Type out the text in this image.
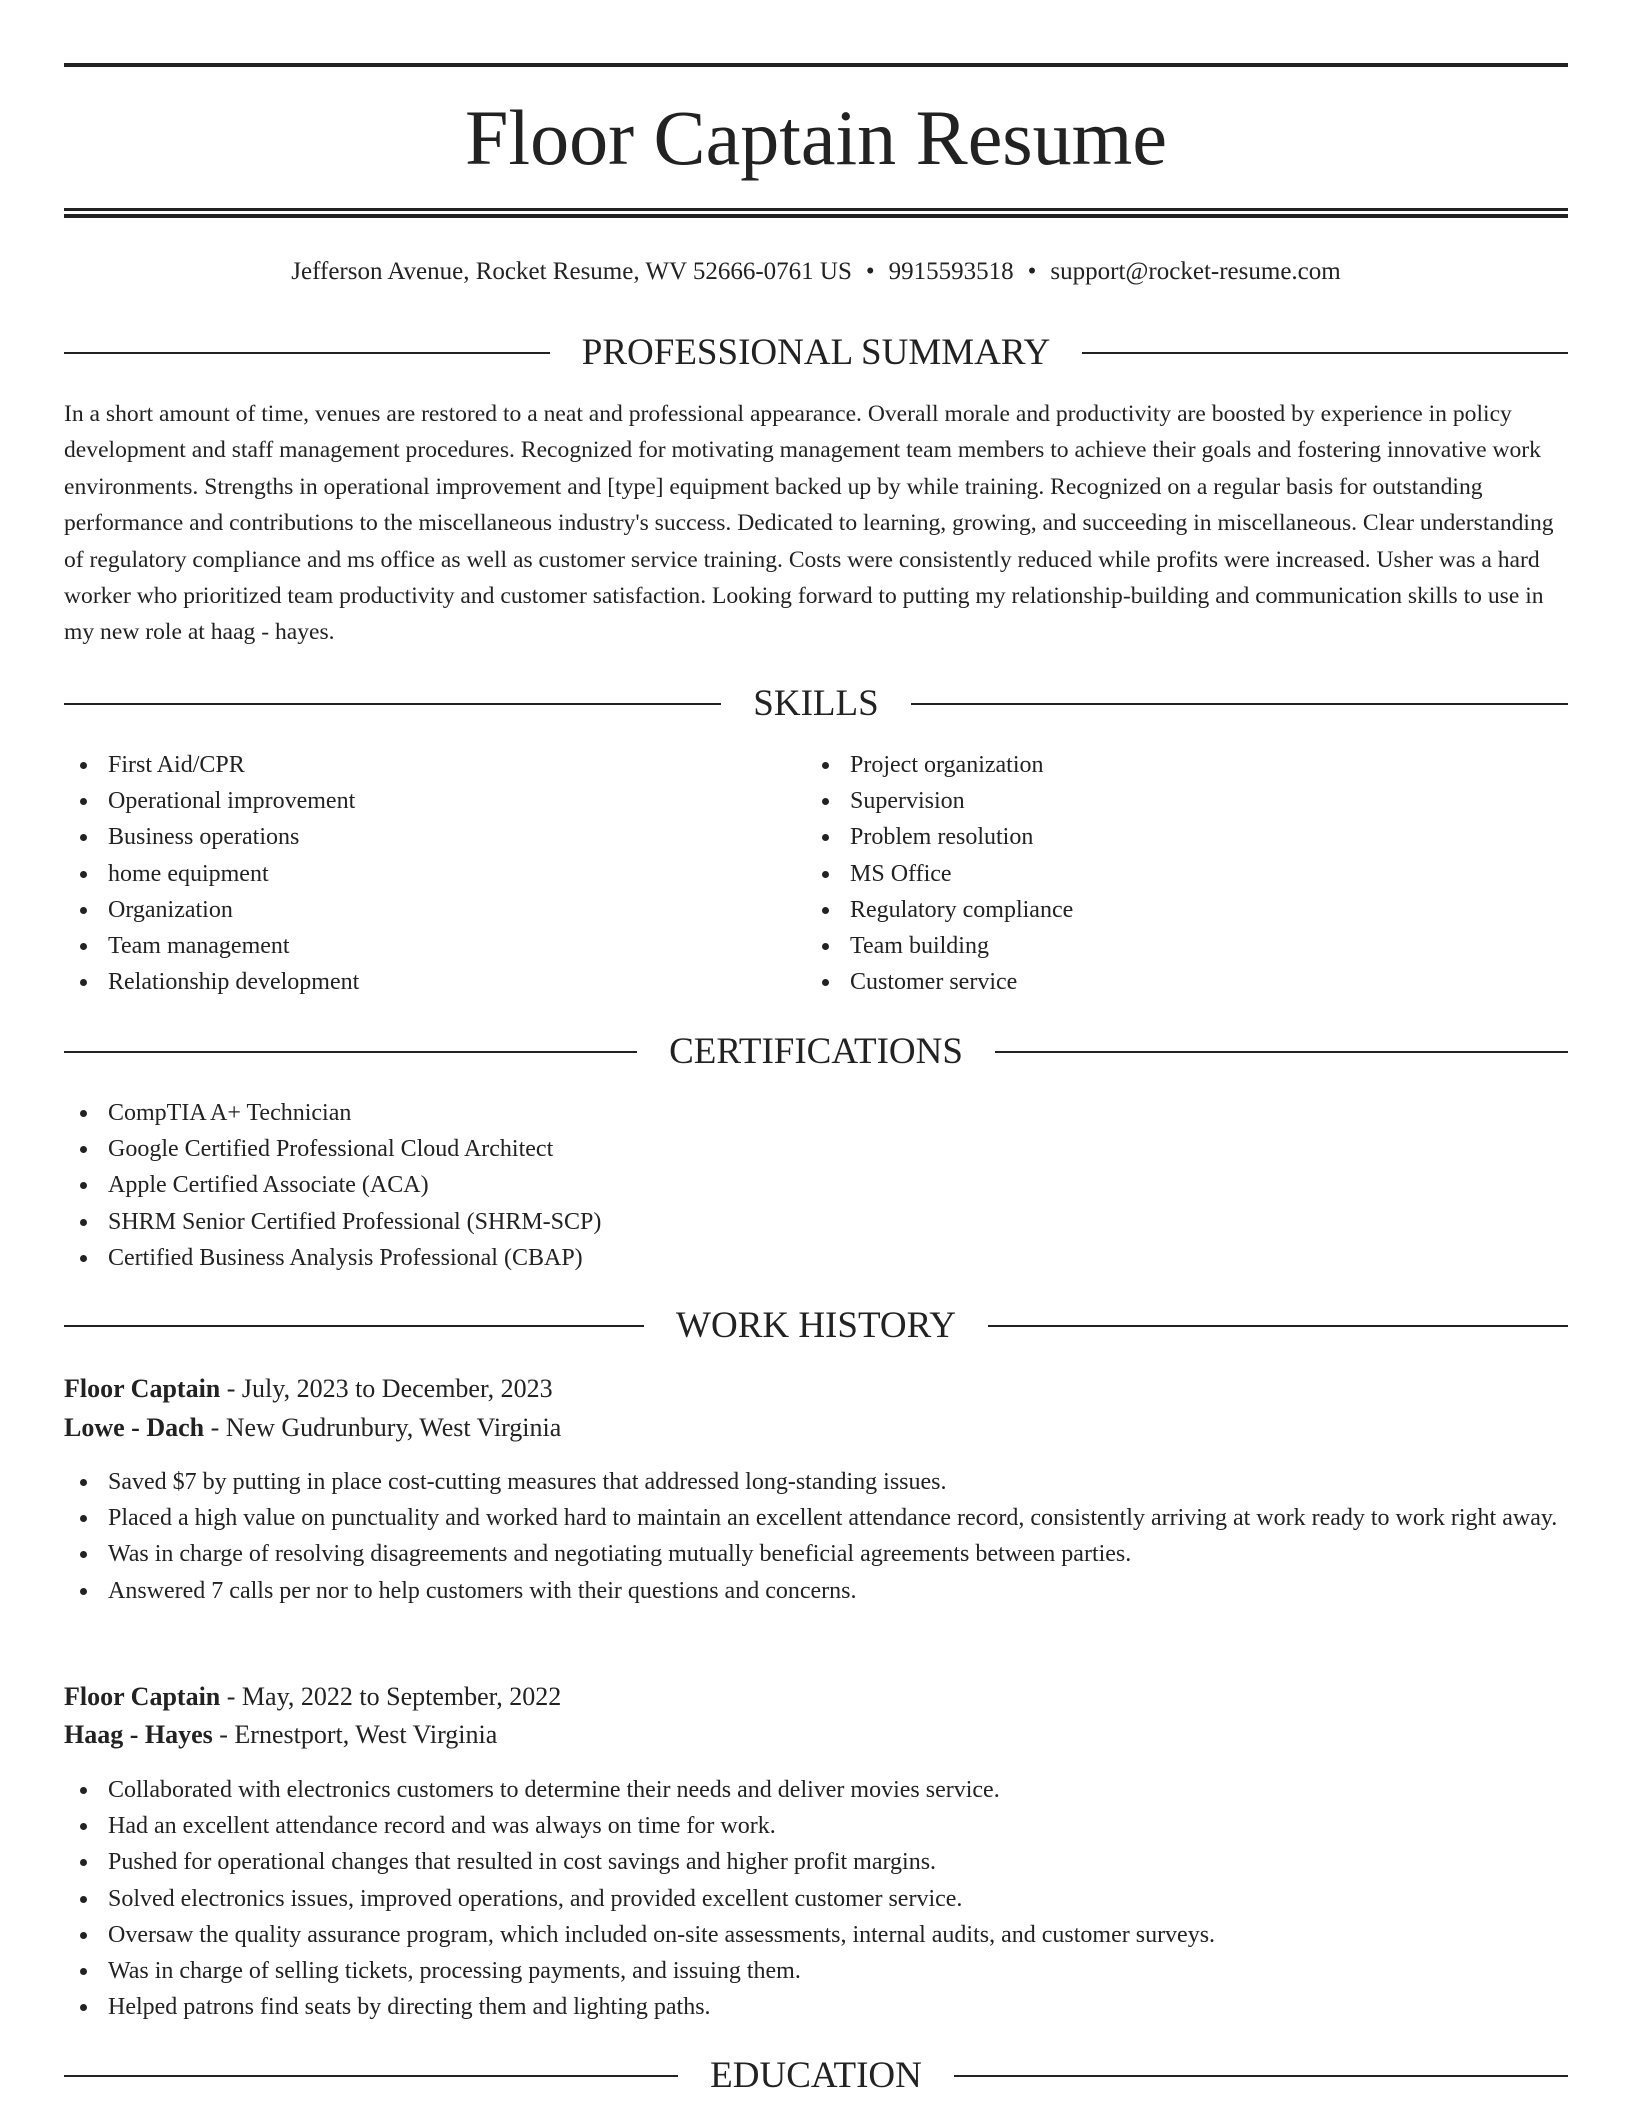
Floor Captain Resume
Jefferson Avenue, Rocket Resume, WV 52666-0761 US • 9915593518 • support@rocket-resume.com
PROFESSIONAL SUMMARY
In a short amount of time, venues are restored to a neat and professional appearance. Overall morale and productivity are boosted by experience in policy development and staff management procedures. Recognized for motivating management team members to achieve their goals and fostering innovative work environments. Strengths in operational improvement and [type] equipment backed up by while training. Recognized on a regular basis for outstanding performance and contributions to the miscellaneous industry's success. Dedicated to learning, growing, and succeeding in miscellaneous. Clear understanding of regulatory compliance and ms office as well as customer service training. Costs were consistently reduced while profits were increased. Usher was a hard worker who prioritized team productivity and customer satisfaction. Looking forward to putting my relationship-building and communication skills to use in my new role at haag - hayes.
SKILLS
First Aid/CPR
Operational improvement
Business operations
home equipment
Organization
Team management
Relationship development
Project organization
Supervision
Problem resolution
MS Office
Regulatory compliance
Team building
Customer service
CERTIFICATIONS
CompTIA A+ Technician
Google Certified Professional Cloud Architect
Apple Certified Associate (ACA)
SHRM Senior Certified Professional (SHRM-SCP)
Certified Business Analysis Professional (CBAP)
WORK HISTORY
Floor Captain - July, 2023 to December, 2023
Lowe - Dach - New Gudrunbury, West Virginia
Saved $7 by putting in place cost-cutting measures that addressed long-standing issues.
Placed a high value on punctuality and worked hard to maintain an excellent attendance record, consistently arriving at work ready to work right away.
Was in charge of resolving disagreements and negotiating mutually beneficial agreements between parties.
Answered 7 calls per nor to help customers with their questions and concerns.
Floor Captain - May, 2022 to September, 2022
Haag - Hayes - Ernestport, West Virginia
Collaborated with electronics customers to determine their needs and deliver movies service.
Had an excellent attendance record and was always on time for work.
Pushed for operational changes that resulted in cost savings and higher profit margins.
Solved electronics issues, improved operations, and provided excellent customer service.
Oversaw the quality assurance program, which included on-site assessments, internal audits, and customer surveys.
Was in charge of selling tickets, processing payments, and issuing them.
Helped patrons find seats by directing them and lighting paths.
EDUCATION
